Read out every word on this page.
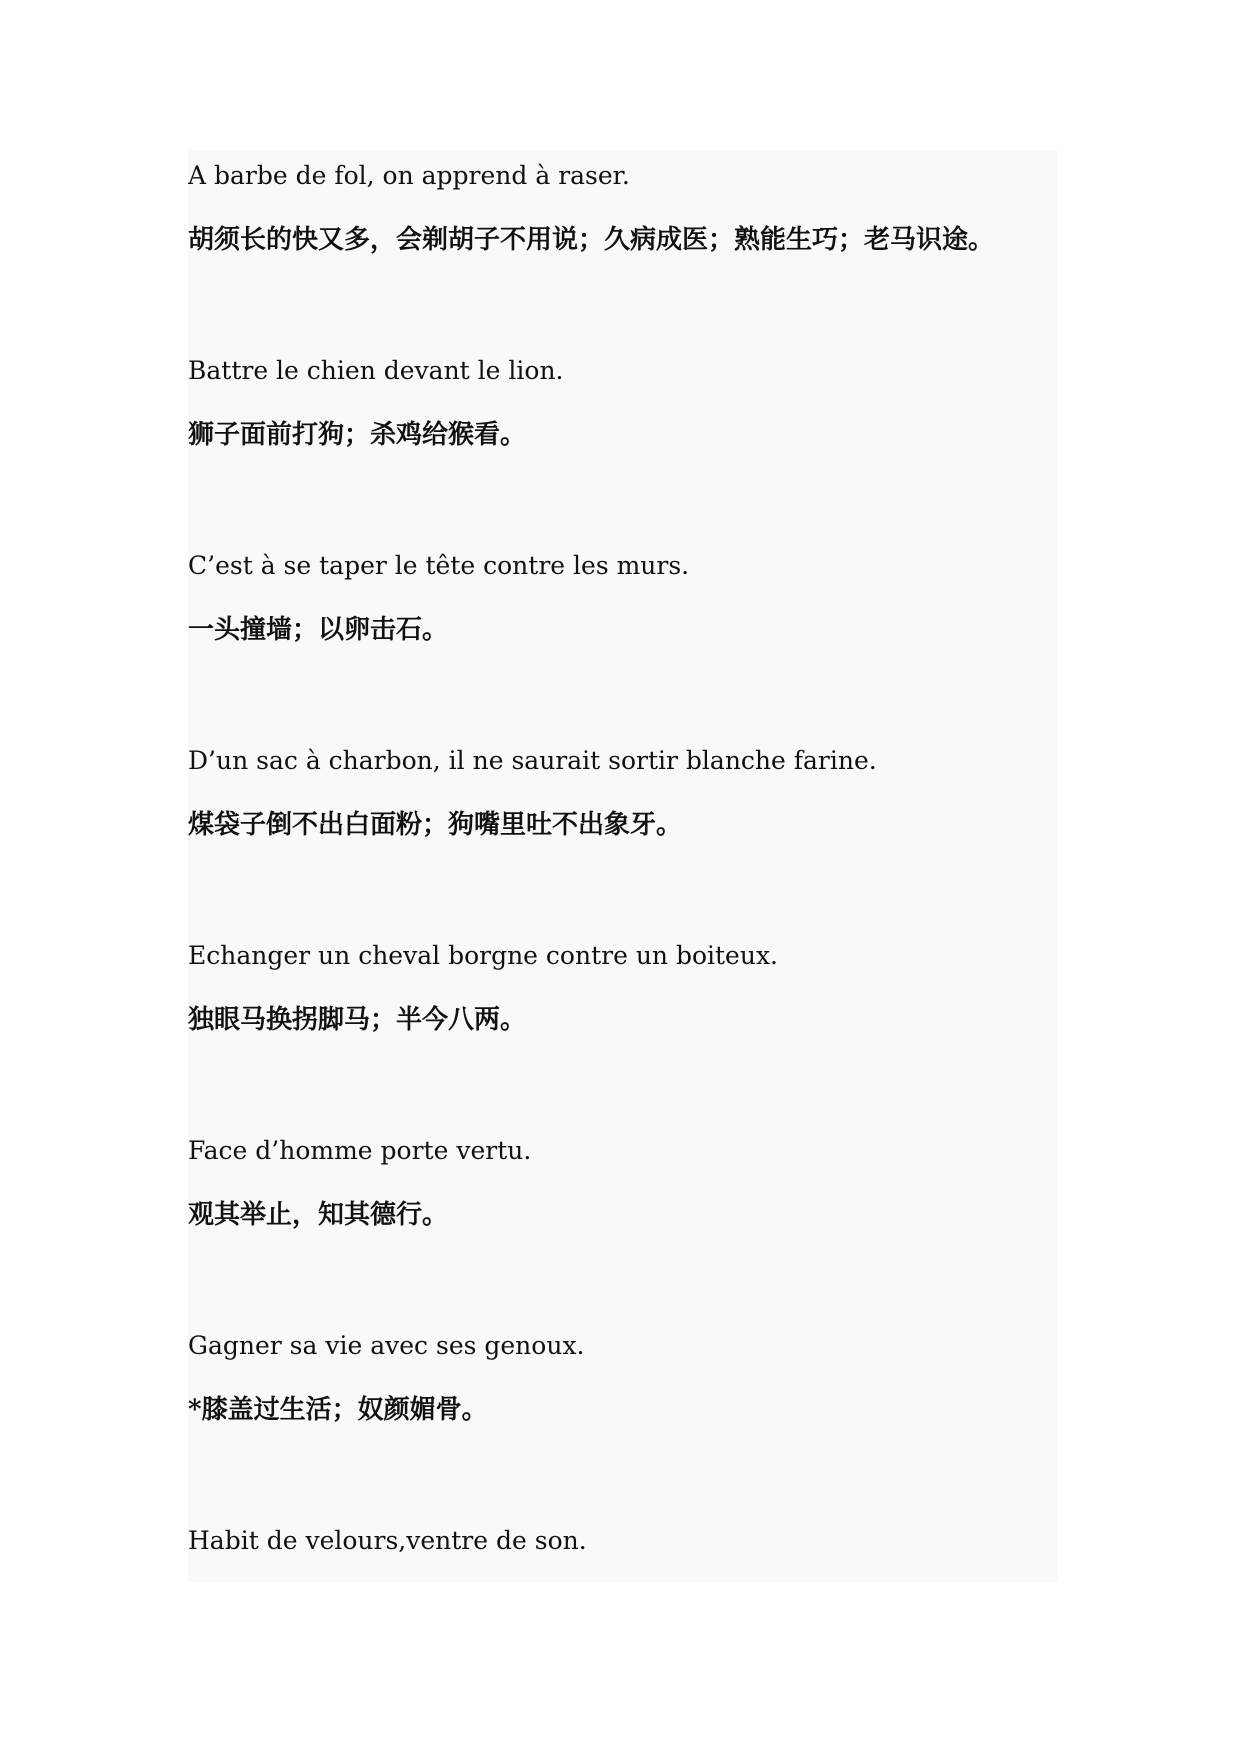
A barbe de fol, on apprend à raser.

胡须长的快又多，会剃胡子不用说；久病成医；熟能生巧；老马识途。

Battre le chien devant le lion.

狮子面前打狗；杀鸡给猴看。

C’est à se taper le tête contre les murs.

一头撞墙；以卵击石。

D’un sac à charbon, il ne saurait sortir blanche farine.

煤袋子倒不出白面粉；狗嘴里吐不出象牙。

Echanger un cheval borgne contre un boiteux.

独眼马换拐脚马；半今八两。

Face d’homme porte vertu.

观其举止，知其德行。

Gagner sa vie avec ses genoux.

*膝盖过生活；奴颜媚骨。

Habit de velours,ventre de son.
